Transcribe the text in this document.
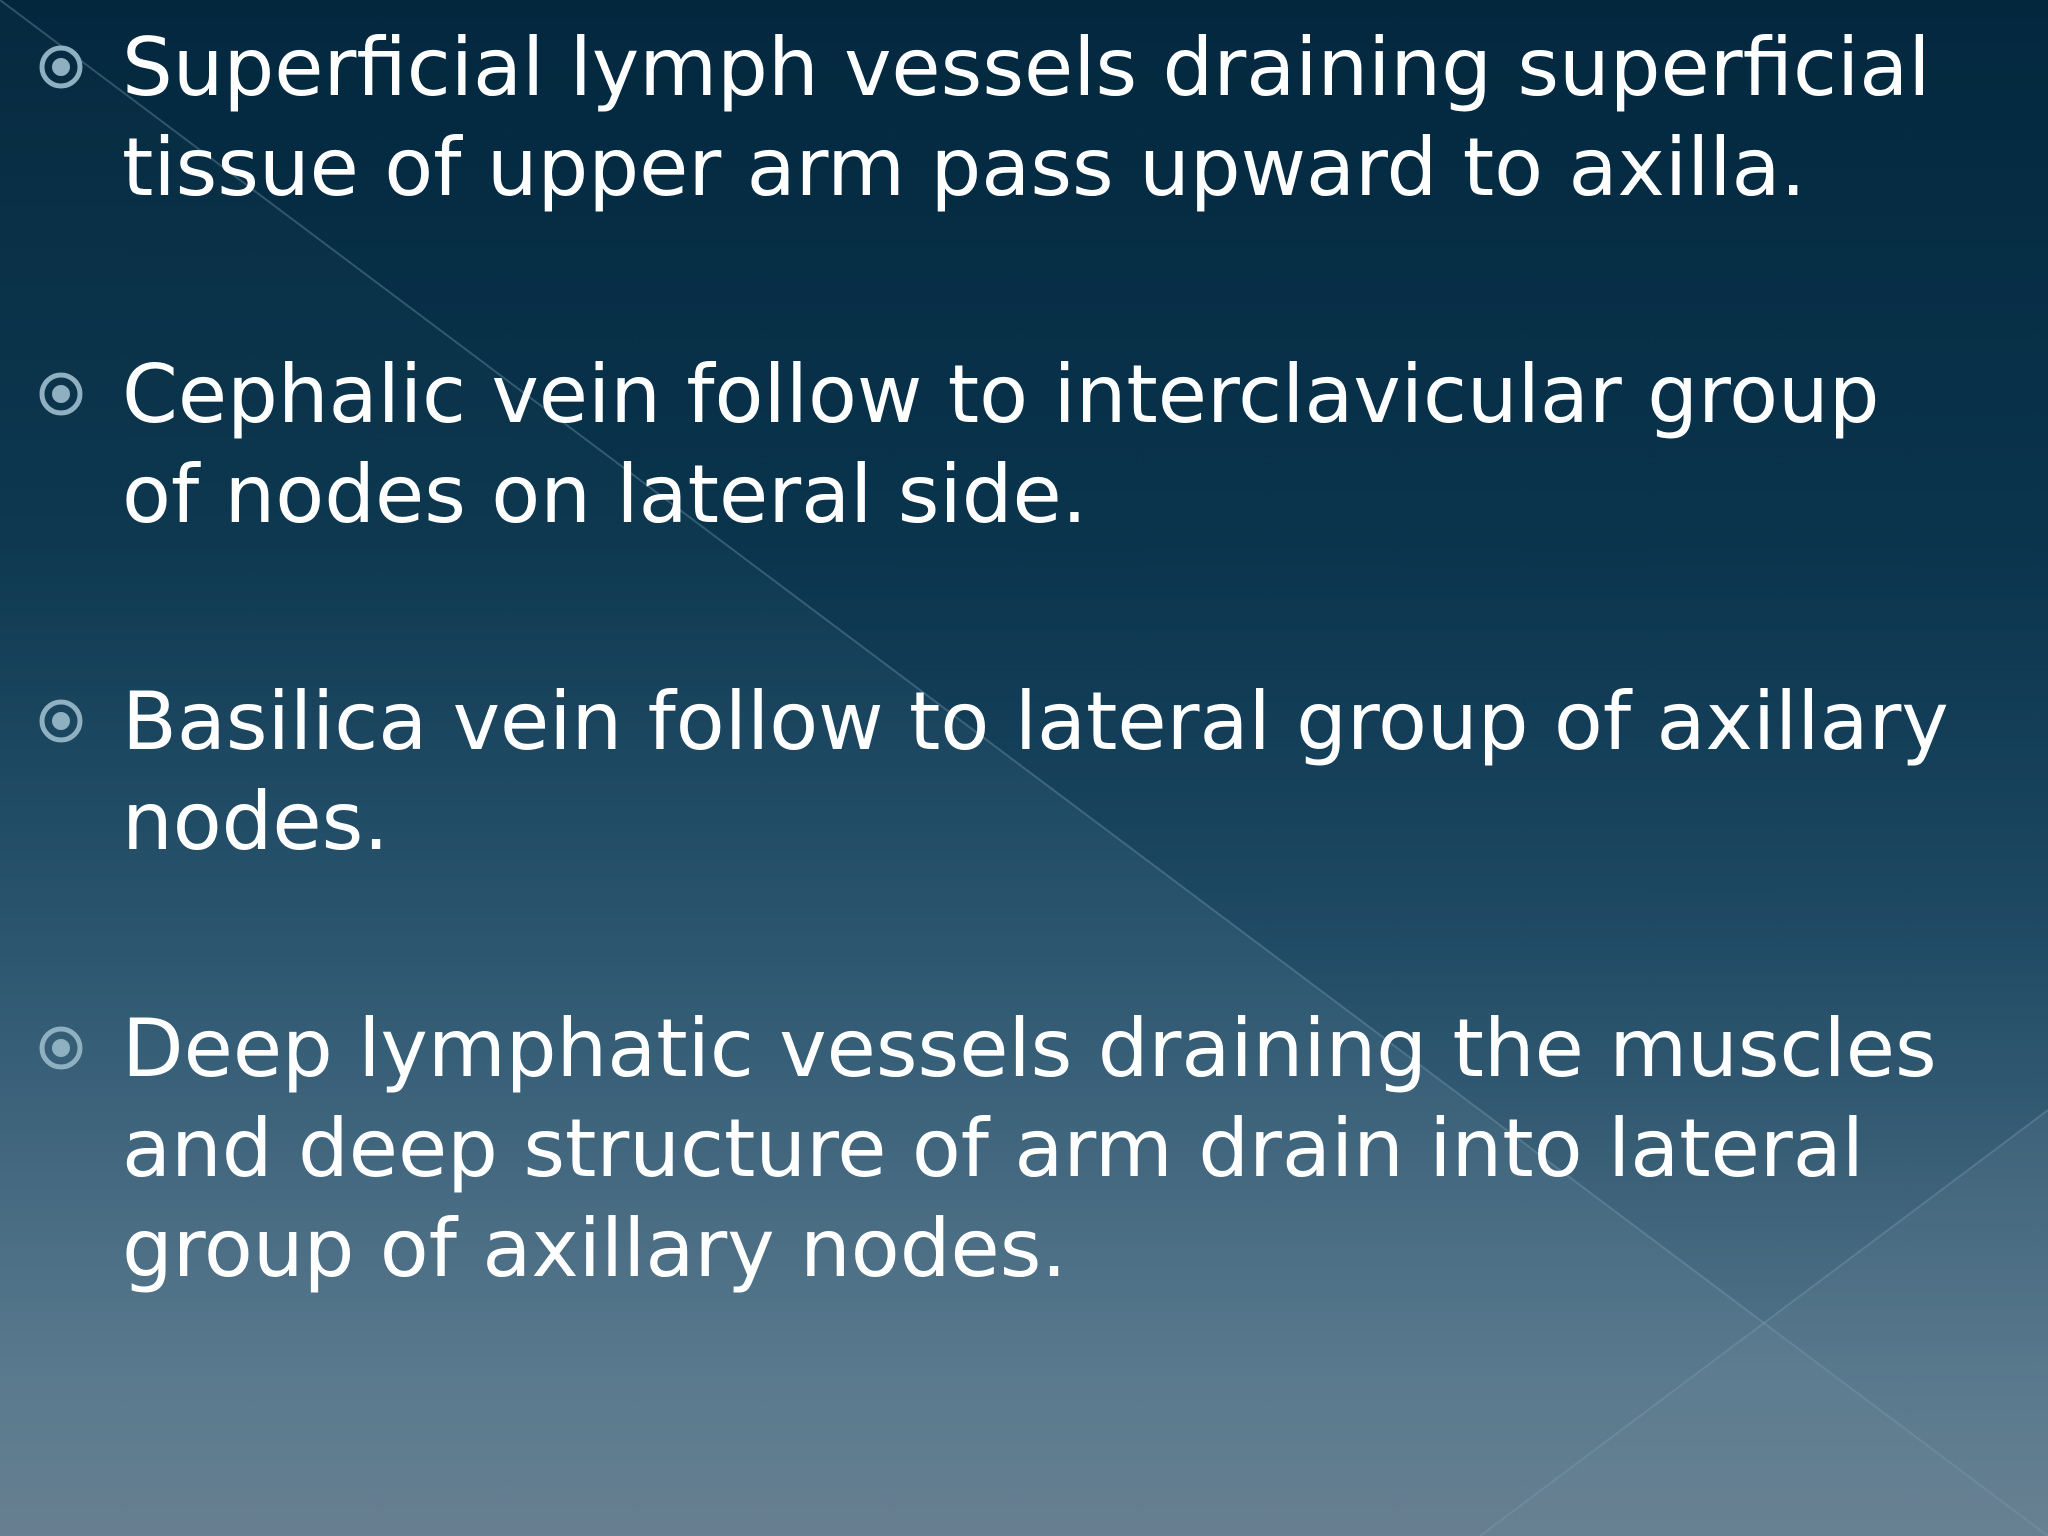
Superficial lymph vessels draining superficial
tissue of upper arm pass upward to axilla.
Cephalic vein follow to interclavicular group
of nodes on lateral side.
Basilica vein follow to lateral group of axillary
nodes.
Deep lymphatic vessels draining the muscles
and deep structure of arm drain into lateral
group of axillary nodes.
